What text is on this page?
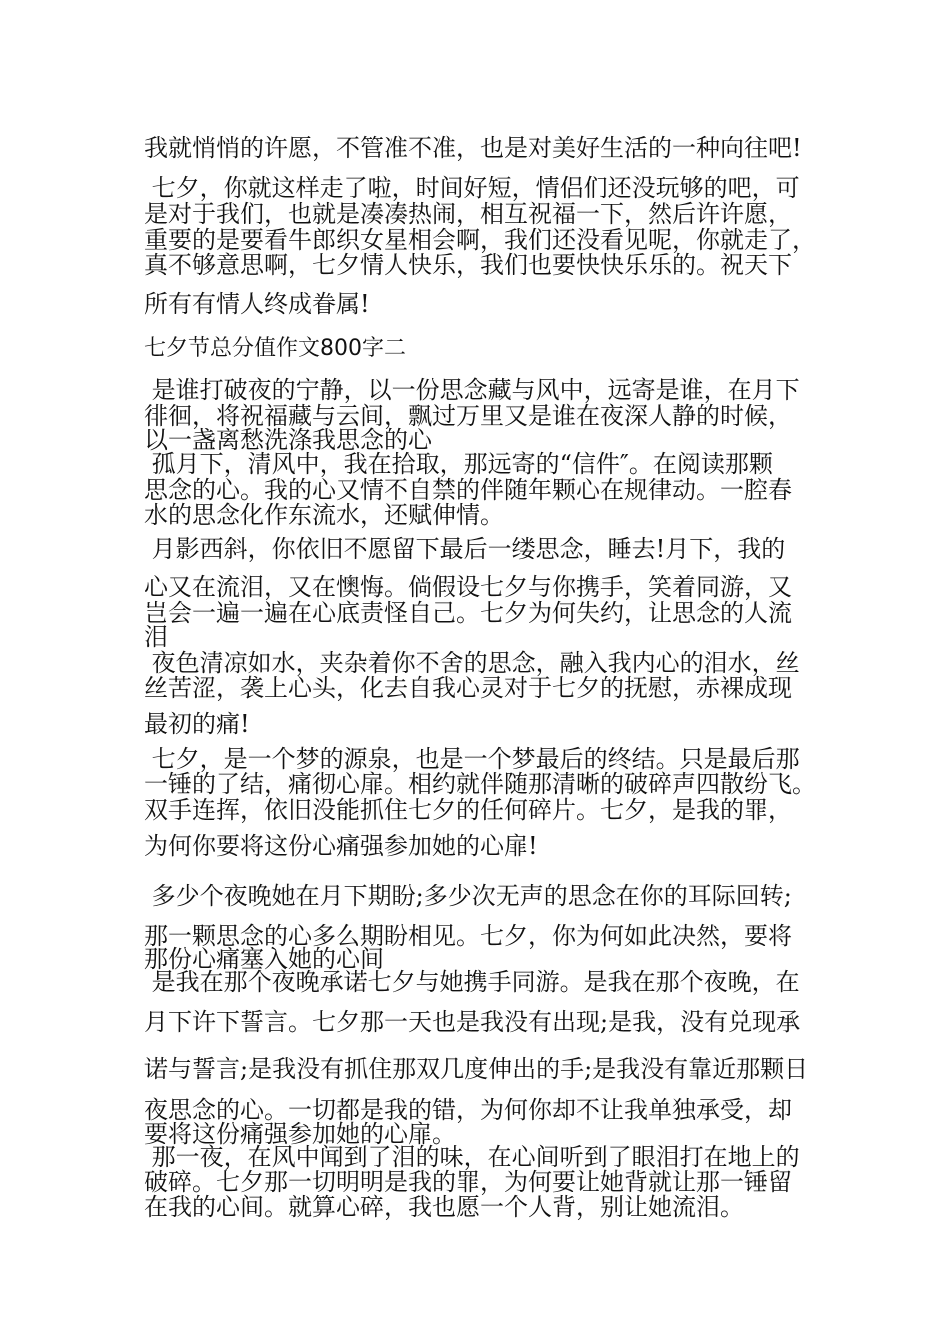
我就悄悄的许愿，不管准不准，也是对美好生活的一种向往吧!
七夕，你就这样走了啦，时间好短，情侣们还没玩够的吧，可
是对于我们，也就是凑凑热闹，相互祝福一下，然后许许愿，
重要的是要看牛郎织女星相会啊，我们还没看见呢，你就走了，
真不够意思啊，七夕情人快乐，我们也要快快乐乐的。祝天下
所有有情人终成眷属!
七夕节总分值作文800字二
是谁打破夜的宁静，以一份思念藏与风中，远寄是谁，在月下
徘徊，将祝福藏与云间，飘过万里又是谁在夜深人静的时候，
以一盏离愁洗涤我思念的心
孤月下，清风中，我在拾取，那远寄的“信件″。在阅读那颗
思念的心。我的心又情不自禁的伴随年颗心在规律动。一腔春
水的思念化作东流水，还赋伸情。
月影西斜，你依旧不愿留下最后一缕思念，睡去!月下，我的
心又在流泪，又在懊悔。倘假设七夕与你携手，笑着同游，又
岂会一遍一遍在心底责怪自己。七夕为何失约，让思念的人流
泪
夜色清凉如水，夹杂着你不舍的思念，融入我内心的泪水，丝
丝苦涩，袭上心头，化去自我心灵对于七夕的抚慰，赤裸成现
最初的痛!
七夕，是一个梦的源泉，也是一个梦最后的终结。只是最后那
一锤的了结，痛彻心扉。相约就伴随那清晰的破碎声四散纷飞。
双手连挥，依旧没能抓住七夕的任何碎片。七夕，是我的罪，
为何你要将这份心痛强参加她的心扉!
多少个夜晚她在月下期盼;多少次无声的思念在你的耳际回转;
那一颗思念的心多么期盼相见。七夕，你为何如此决然，要将
那份心痛塞入她的心间
是我在那个夜晚承诺七夕与她携手同游。是我在那个夜晚，在
月下许下誓言。七夕那一天也是我没有出现;是我，没有兑现承
诺与誓言;是我没有抓住那双几度伸出的手;是我没有靠近那颗日
夜思念的心。一切都是我的错，为何你却不让我单独承受，却
要将这份痛强参加她的心扉。
那一夜，在风中闻到了泪的味，在心间听到了眼泪打在地上的
破碎。七夕那一切明明是我的罪，为何要让她背就让那一锤留
在我的心间。就算心碎，我也愿一个人背，别让她流泪。
